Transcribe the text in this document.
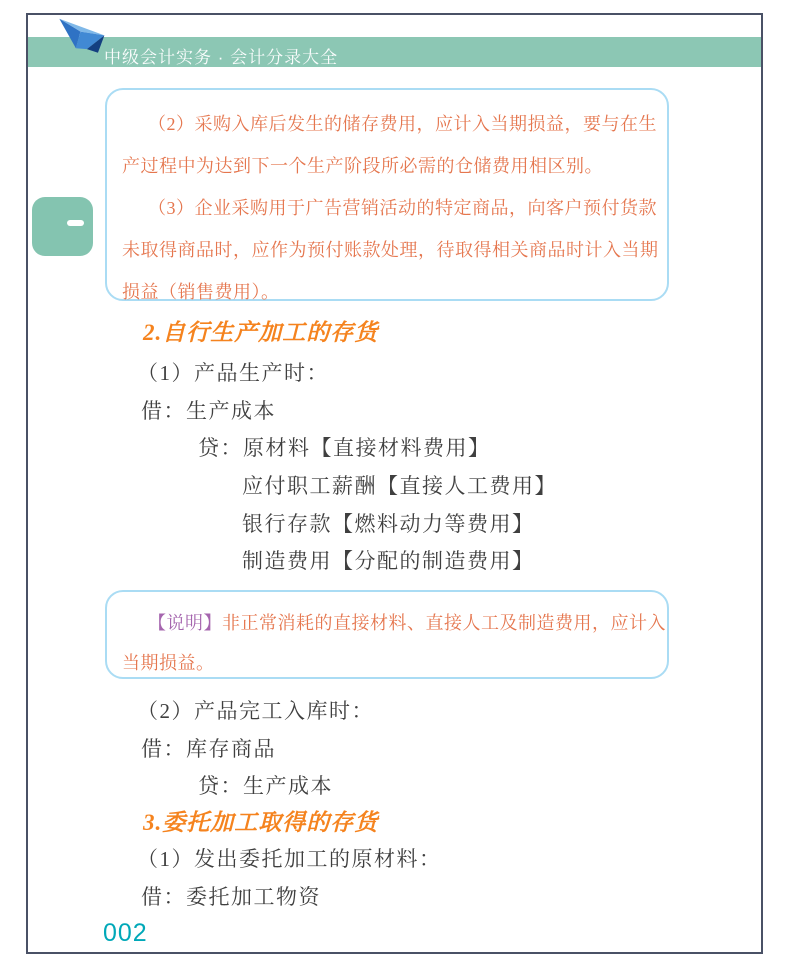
中级会计实务 · 会计分录大全
（2）采购入库后发生的储存费用，应计入当期损益，要与在生
产过程中为达到下一个生产阶段所必需的仓储费用相区别。
（3）企业采购用于广告营销活动的特定商品，向客户预付货款
未取得商品时，应作为预付账款处理，待取得相关商品时计入当期
损益（销售费用）。
2.自行生产加工的存货
（1）产品生产时：
借：生产成本
贷：原材料【直接材料费用】
应付职工薪酬【直接人工费用】
银行存款【燃料动力等费用】
制造费用【分配的制造费用】
【说明】非正常消耗的直接材料、直接人工及制造费用，应计入
当期损益。
（2）产品完工入库时：
借：库存商品
贷：生产成本
3.委托加工取得的存货
（1）发出委托加工的原材料：
借：委托加工物资
002
